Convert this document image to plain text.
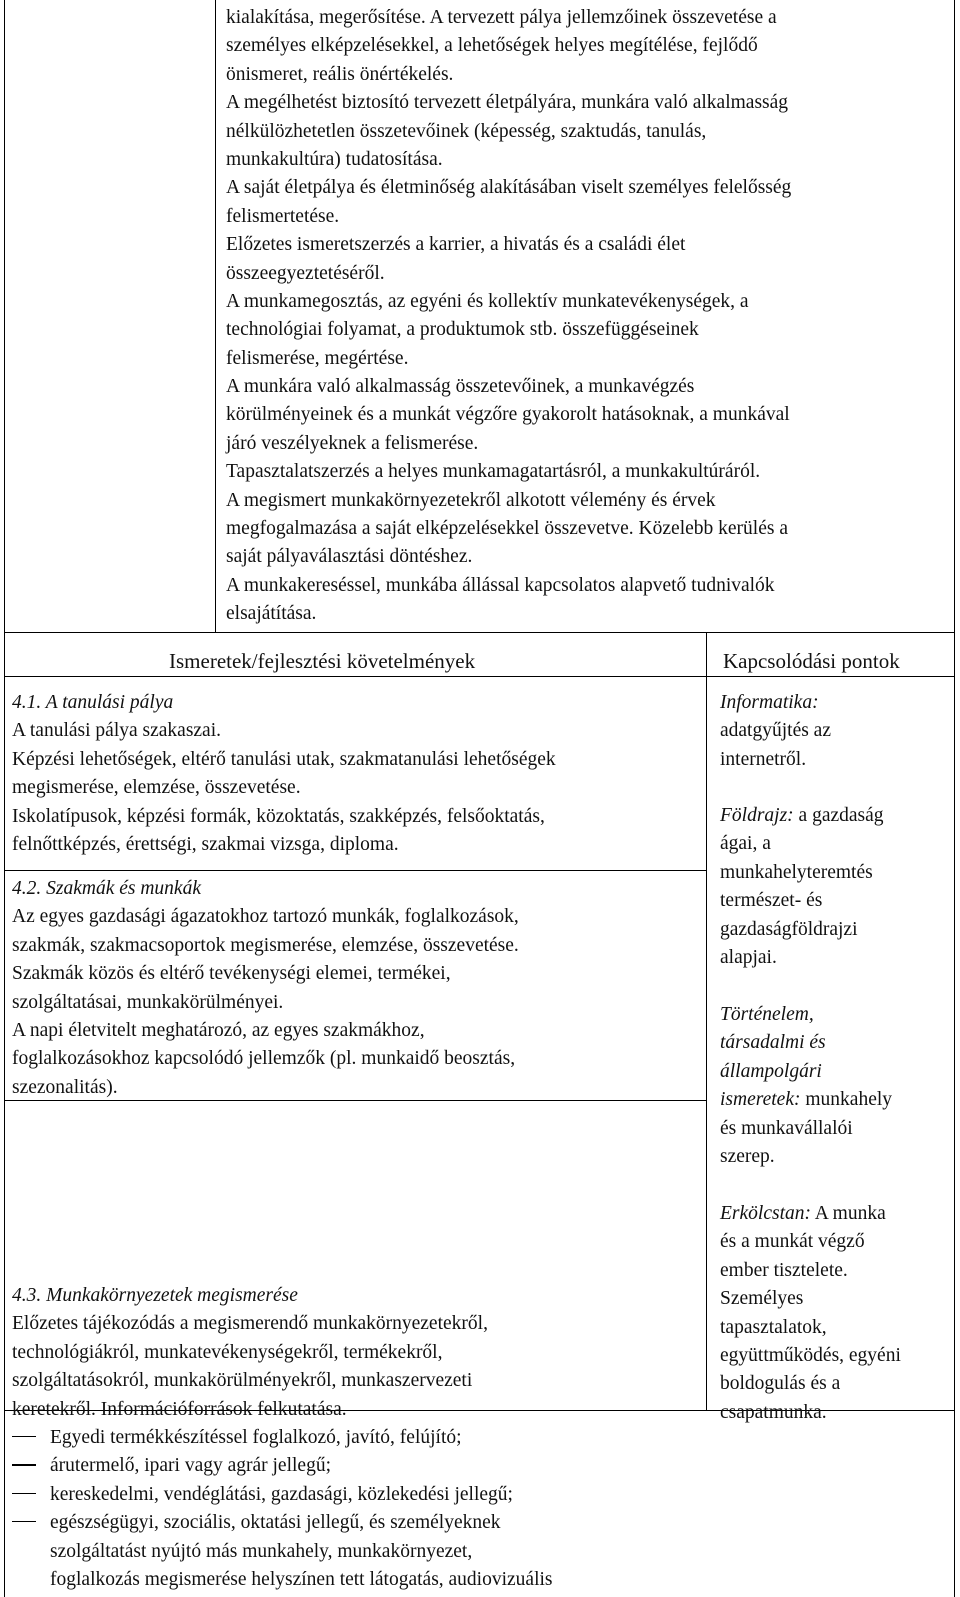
kialakítása, megerősítése. A tervezett pálya jellemzőinek összevetése a
személyes elképzelésekkel, a lehetőségek helyes megítélése, fejlődő
önismeret, reális önértékelés.
A megélhetést biztosító tervezett életpályára, munkára való alkalmasság
nélkülözhetetlen összetevőinek (képesség, szaktudás, tanulás,
munkakultúra) tudatosítása.
A saját életpálya és életminőség alakításában viselt személyes felelősség
felismertetése.
Előzetes ismeretszerzés a karrier, a hivatás és a családi élet
összeegyeztetéséről.
A munkamegosztás, az egyéni és kollektív munkatevékenységek, a
technológiai folyamat, a produktumok stb. összefüggéseinek
felismerése, megértése.
A munkára való alkalmasság összetevőinek, a munkavégzés
körülményeinek és a munkát végzőre gyakorolt hatásoknak, a munkával
járó veszélyeknek a felismerése.
Tapasztalatszerzés a helyes munkamagatartásról, a munkakultúráról.
A megismert munkakörnyezetekről alkotott vélemény és érvek
megfogalmazása a saját elképzelésekkel összevetve. Közelebb kerülés a
saját pályaválasztási döntéshez.
A munkakereséssel, munkába állással kapcsolatos alapvető tudnivalók
elsajátítása.
Ismeretek/fejlesztési követelmények	Kapcsolódási pontok
4.1. A tanulási pálya
A tanulási pálya szakaszai.
Képzési lehetőségek, eltérő tanulási utak, szakmatanulási lehetőségek
megismerése, elemzése, összevetése.
Iskolatípusok, képzési formák, közoktatás, szakképzés, felsőoktatás,
felnőttképzés, érettségi, szakmai vizsga, diploma.
4.2. Szakmák és munkák
Az egyes gazdasági ágazatokhoz tartozó munkák, foglalkozások,
szakmák, szakmacsoportok megismerése, elemzése, összevetése.
Szakmák közös és eltérő tevékenységi elemei, termékei,
szolgáltatásai, munkakörülményei.
A napi életvitelt meghatározó, az egyes szakmákhoz,
foglalkozásokhoz kapcsolódó jellemzők (pl. munkaidő beosztás,
szezonalitás).
4.3. Munkakörnyezetek megismerése
Előzetes tájékozódás a megismerendő munkakörnyezetekről,
technológiákról, munkatevékenységekről, termékekről,
szolgáltatásokról, munkakörülményekről, munkaszervezeti
keretekről. Információforrások felkutatása.
Egyedi termékkészítéssel foglalkozó, javító, felújító;
árutermelő, ipari vagy agrár jellegű;
kereskedelmi, vendéglátási, gazdasági, közlekedési jellegű;
egészségügyi, szociális, oktatási jellegű, és személyeknek
szolgáltatást nyújtó más munkahely, munkakörnyezet,
foglalkozás megismerése helyszínen tett látogatás, audiovizuális
Informatika:
adatgyűjtés az
internetről.
Földrajz: a gazdaság
ágai, a
munkahelyteremtés
természet- és
gazdaságföldrajzi
alapjai.
Történelem,
társadalmi és
állampolgári
ismeretek: munkahely
és munkavállalói
szerep.
Erkölcstan: A munka
és a munkát végző
ember tisztelete.
Személyes
tapasztalatok,
együttműködés, egyéni
boldogulás és a
csapatmunka.
